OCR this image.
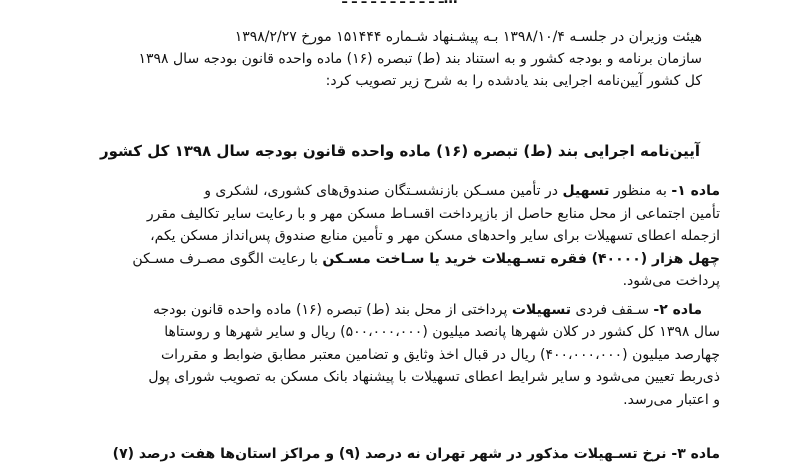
هیئت وزیران در جلسـه ۱۳۹۸/۱۰/۴ بـه پیشـنهاد شـماره ۱۵۱۴۴۴ مورخ ۱۳۹۸/۲/۲۷
سازمان برنامه و بودجه کشور و به استناد بند (ط) تبصره (۱۶) ماده واحده قانون بودجه سال ۱۳۹۸
کل کشور آیین‌نامه اجرایی بند یادشده را به شرح زیر تصویب کرد:
آیین‌نامه اجرایی بند (ط) تبصره (۱۶) ماده واحده قانون بودجه سال ۱۳۹۸ کل کشور
ماده ۱- به منظور تسهیل در تأمین مسـکن بازنشسـتگان صندوق‌های کشوری، لشکری و
تأمین اجتماعی از محل منابع حاصل از بازپرداخت اقسـاط مسکن مهر و با رعایت سایر تکالیف مقرر
ازجمله اعطای تسهیلات برای سایر واحدهای مسکن مهر و تأمین منابع صندوق پس‌انداز مسکن یکم،
چهل هزار (۴۰۰۰۰) فقره تسـهیلات خرید یا سـاخت مسـکن با رعایت الگوی مصـرف مسـکن
پرداخت می‌شود.
ماده ۲- سـقف فردی تسهیلات پرداختی از محل بند (ط) تبصره (۱۶) ماده واحده قانون بودجه
سال ۱۳۹۸ کل کشور در کلان شهرها پانصد میلیون (۵۰۰،۰۰۰،۰۰۰) ریال و سایر شهرها و روستاها
چهارصد میلیون (۴۰۰،۰۰۰،۰۰۰) ریال در قبال اخذ وثایق و تضامین معتبر مطابق ضوابط و مقررات
ذی‌ربط تعیین می‌شود و سایر شرایط اعطای تسهیلات با پیشنهاد بانک مسکن به تصویب شورای پول
و اعتبار می‌رسد.
ماده ۳- نرخ تسـهیلات مذکور در شهر تهران نه درصد (۹) و مراکز استان‌ها هفت درصد (۷)
